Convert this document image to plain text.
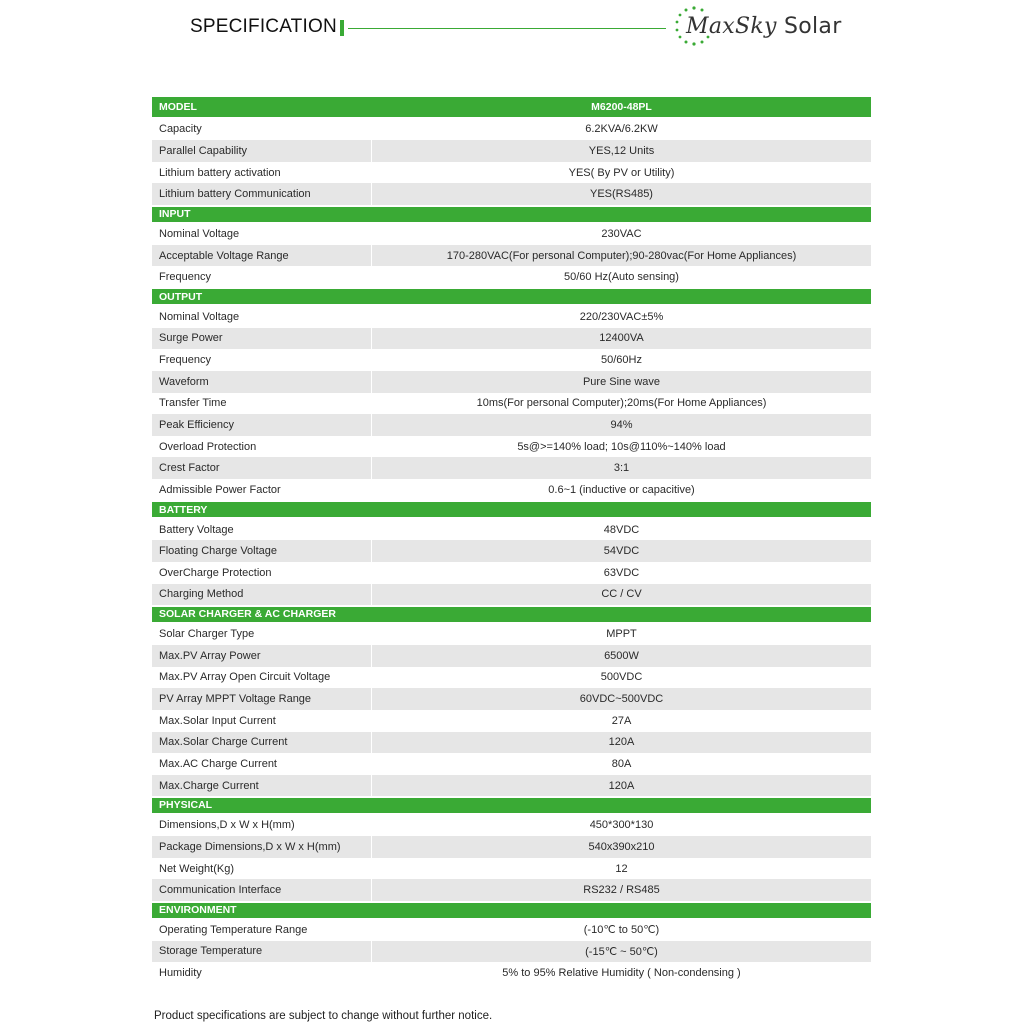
SPECIFICATION	MaxSky Solar
MODEL	M6200-48PL
Capacity	6.2KVA/6.2KW
Parallel Capability	YES,12 Units
Lithium battery activation	YES( By PV or Utility)
Lithium battery Communication	YES(RS485)
INPUT
Nominal Voltage	230VAC
Acceptable Voltage Range	170-280VAC(For personal Computer);90-280vac(For Home Appliances)
Frequency	50/60 Hz(Auto sensing)
OUTPUT
Nominal Voltage	220/230VAC±5%
Surge Power	12400VA
Frequency	50/60Hz
Waveform	Pure Sine wave
Transfer Time	10ms(For personal Computer);20ms(For Home Appliances)
Peak Efficiency	94%
Overload Protection	5s@>=140% load; 10s@110%~140% load
Crest Factor	3:1
Admissible Power Factor	0.6~1 (inductive or capacitive)
BATTERY
Battery Voltage	48VDC
Floating Charge Voltage	54VDC
OverCharge Protection	63VDC
Charging Method	CC / CV
SOLAR CHARGER & AC CHARGER
Solar Charger Type	MPPT
Max.PV Array Power	6500W
Max.PV Array Open Circuit Voltage	500VDC
PV Array MPPT Voltage Range	60VDC~500VDC
Max.Solar Input Current	27A
Max.Solar Charge Current	120A
Max.AC Charge Current	80A
Max.Charge Current	120A
PHYSICAL
Dimensions,D x W x H(mm)	450*300*130
Package Dimensions,D x W x H(mm)	540x390x210
Net Weight(Kg)	12
Communication Interface	RS232 / RS485
ENVIRONMENT
Operating Temperature Range	(-10℃ to 50℃)
Storage Temperature	(-15℃ ~ 50℃)
Humidity	5% to 95% Relative Humidity ( Non-condensing )
Product specifications are subject to change without further notice.
